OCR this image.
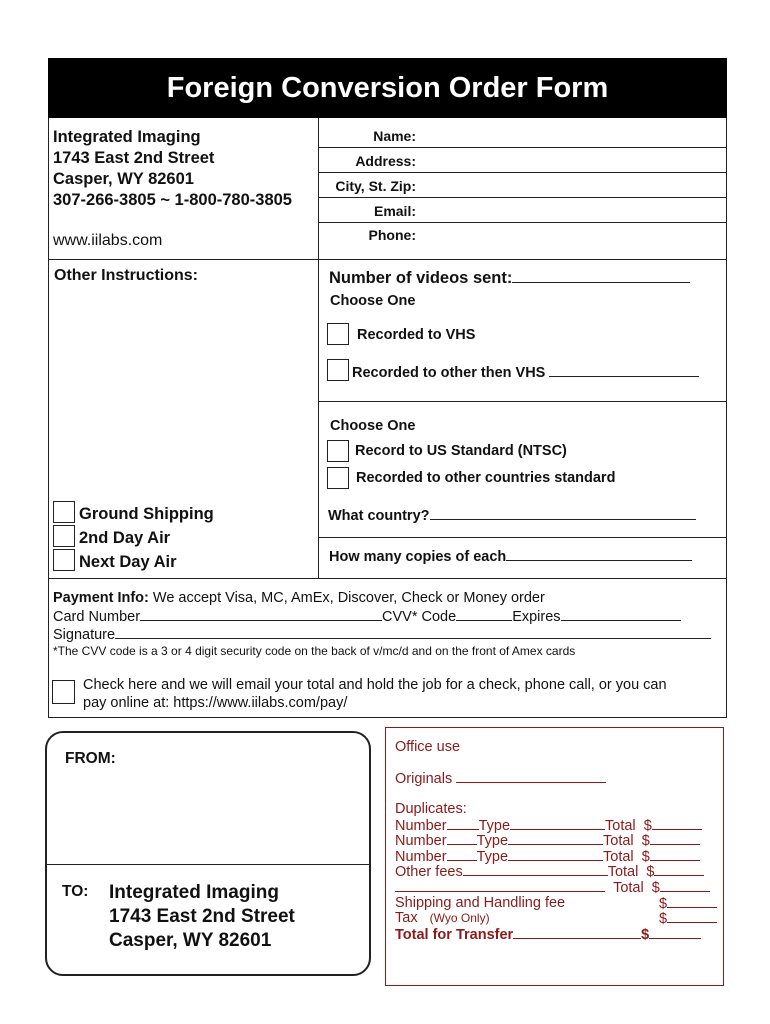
Foreign Conversion Order Form
Integrated Imaging
1743 East 2nd Street
Casper, WY 82601
307-266-3805 ~ 1-800-780-3805
www.iilabs.com
Name:
Address:
City, St. Zip:
Email:
Phone:
Other Instructions:	Number of videos sent:
Choose One
Recorded to VHS
Recorded to other then VHS
Choose One
Record to US Standard (NTSC)
Recorded to other countries standard
What country?
How many copies of each
Ground Shipping
2nd Day Air
Next Day Air
Payment Info: We accept Visa, MC, AmEx, Discover, Check or Money order
Card Number	CVV* Code	Expires
Signature
*The CVV code is a 3 or 4 digit security code on the back of v/mc/d and on the front of Amex cards
Check here and we will email your total and hold the job for a check, phone call, or you can
pay online at: https://www.iilabs.com/pay/
FROM:
TO: Integrated Imaging
1743 East 2nd Street
Casper, WY 82601
Office use
Originals
Duplicates:
Number Type	Total $
Number Type	Total $
Number Type	Total $
Other fees	Total $
Total $
Shipping and Handling fee	$
Tax (Wyo Only)	$
Total for Transfer	$
